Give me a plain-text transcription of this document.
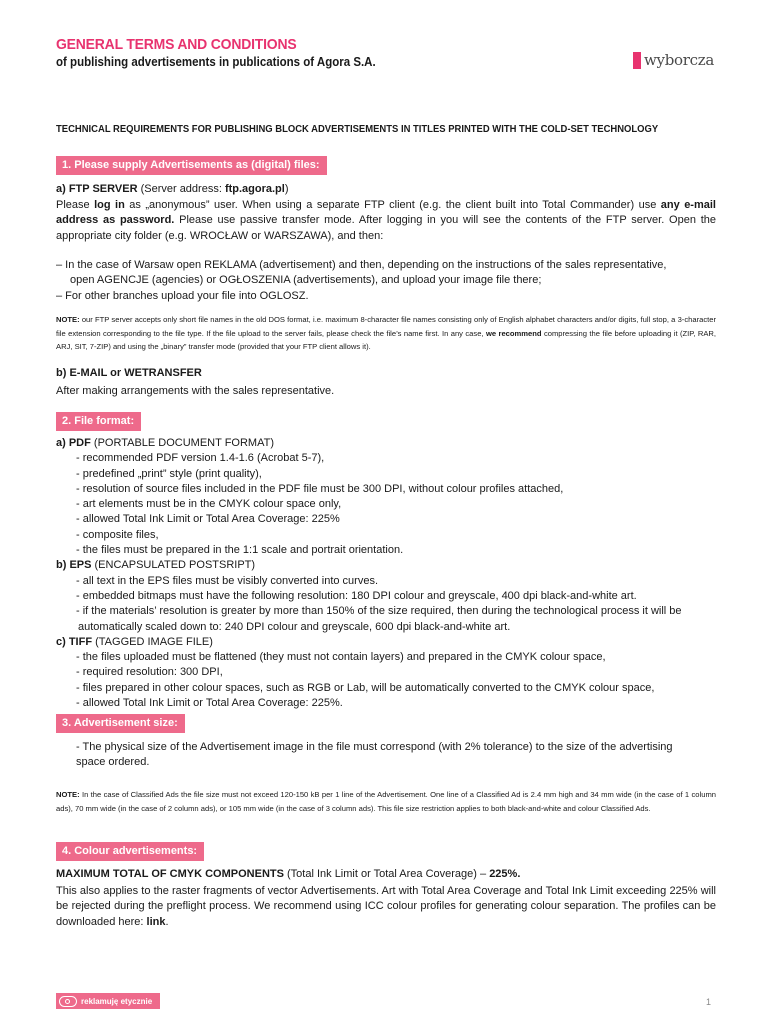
GENERAL TERMS AND CONDITIONS
of publishing advertisements in publications of Agora S.A.	wyborcza
TECHNICAL REQUIREMENTS FOR PUBLISHING BLOCK ADVERTISEMENTS IN TITLES PRINTED WITH THE COLD-SET TECHNOLOGY
1. Please supply Advertisements as (digital) files:

a) FTP SERVER (Server address: ftp.agora.pl)

Please log in as „anonymous” user. When using a separate FTP client (e.g. the client built into Total Commander) use any e-mail address as password. Please use passive transfer mode. After logging in you will see the contents of the FTP server. Open the appropriate city folder (e.g. WROCŁAW or WARSZAWA), and then:

– In the case of Warsaw open REKLAMA (advertisement) and then, depending on the instructions of the sales representative,
open AGENCJE (agencies) or OGŁOSZENIA (advertisements), and upload your image file there;
– For other branches upload your file into OGLOSZ.

NOTE: our FTP server accepts only short file names in the old DOS format, i.e. maximum 8-character file names consisting only of English alphabet characters and/or digits, full stop, a 3-character file extension corresponding to the file type. If the file upload to the server fails, please check the file’s name first. In any case, we recommend compressing the file before uploading it (ZIP, RAR, ARJ, SIT, 7-ZIP) and using the „binary” transfer mode (provided that your FTP client allows it).

b) E-MAIL or WETRANSFER

After making arrangements with the sales representative.

2. File format:
a) PDF (PORTABLE DOCUMENT FORMAT)
- recommended PDF version 1.4-1.6 (Acrobat 5-7),
- predefined „print” style (print quality),
- resolution of source files included in the PDF file must be 300 DPI, without colour profiles attached,
- art elements must be in the CMYK colour space only,
- allowed Total Ink Limit or Total Area Coverage: 225%
- composite files,
- the files must be prepared in the 1:1 scale and portrait orientation.
b) EPS (ENCAPSULATED POSTSRIPT)
- all text in the EPS files must be visibly converted into curves.
- embedded bitmaps must have the following resolution: 180 DPI colour and greyscale, 400 dpi black-and-white art.
- if the materials’ resolution is greater by more than 150% of the size required, then during the technological process it will be
automatically scaled down to: 240 DPI colour and greyscale, 600 dpi black-and-white art.
c) TIFF (TAGGED IMAGE FILE)
- the files uploaded must be flattened (they must not contain layers) and prepared in the CMYK colour space,
- required resolution: 300 DPI,
- files prepared in other colour spaces, such as RGB or Lab, will be automatically converted to the CMYK colour space,
- allowed Total Ink Limit or Total Area Coverage: 225%.
3. Advertisement size:
- The physical size of the Advertisement image in the file must correspond (with 2% tolerance) to the size of the advertising
space ordered.

NOTE: In the case of Classified Ads the file size must not exceed 120-150 kB per 1 line of the Advertisement. One line of a Classified Ad is 2.4 mm high and 34 mm wide (in the case of 1 column ads), 70 mm wide (in the case of 2 column ads), or 105 mm wide (in the case of 3 column ads). This file size restriction applies to both black-and-white and colour Classified Ads.

4. Colour advertisements:

MAXIMUM TOTAL OF CMYK COMPONENTS (Total Ink Limit or Total Area Coverage) – 225%.

This also applies to the raster fragments of vector Advertisements. Art with Total Area Coverage and Total Ink Limit exceeding 225% will be rejected during the preflight process. We recommend using ICC colour profiles for generating colour separation. The profiles can be downloaded here: link.

reklamuję etycznie	1
